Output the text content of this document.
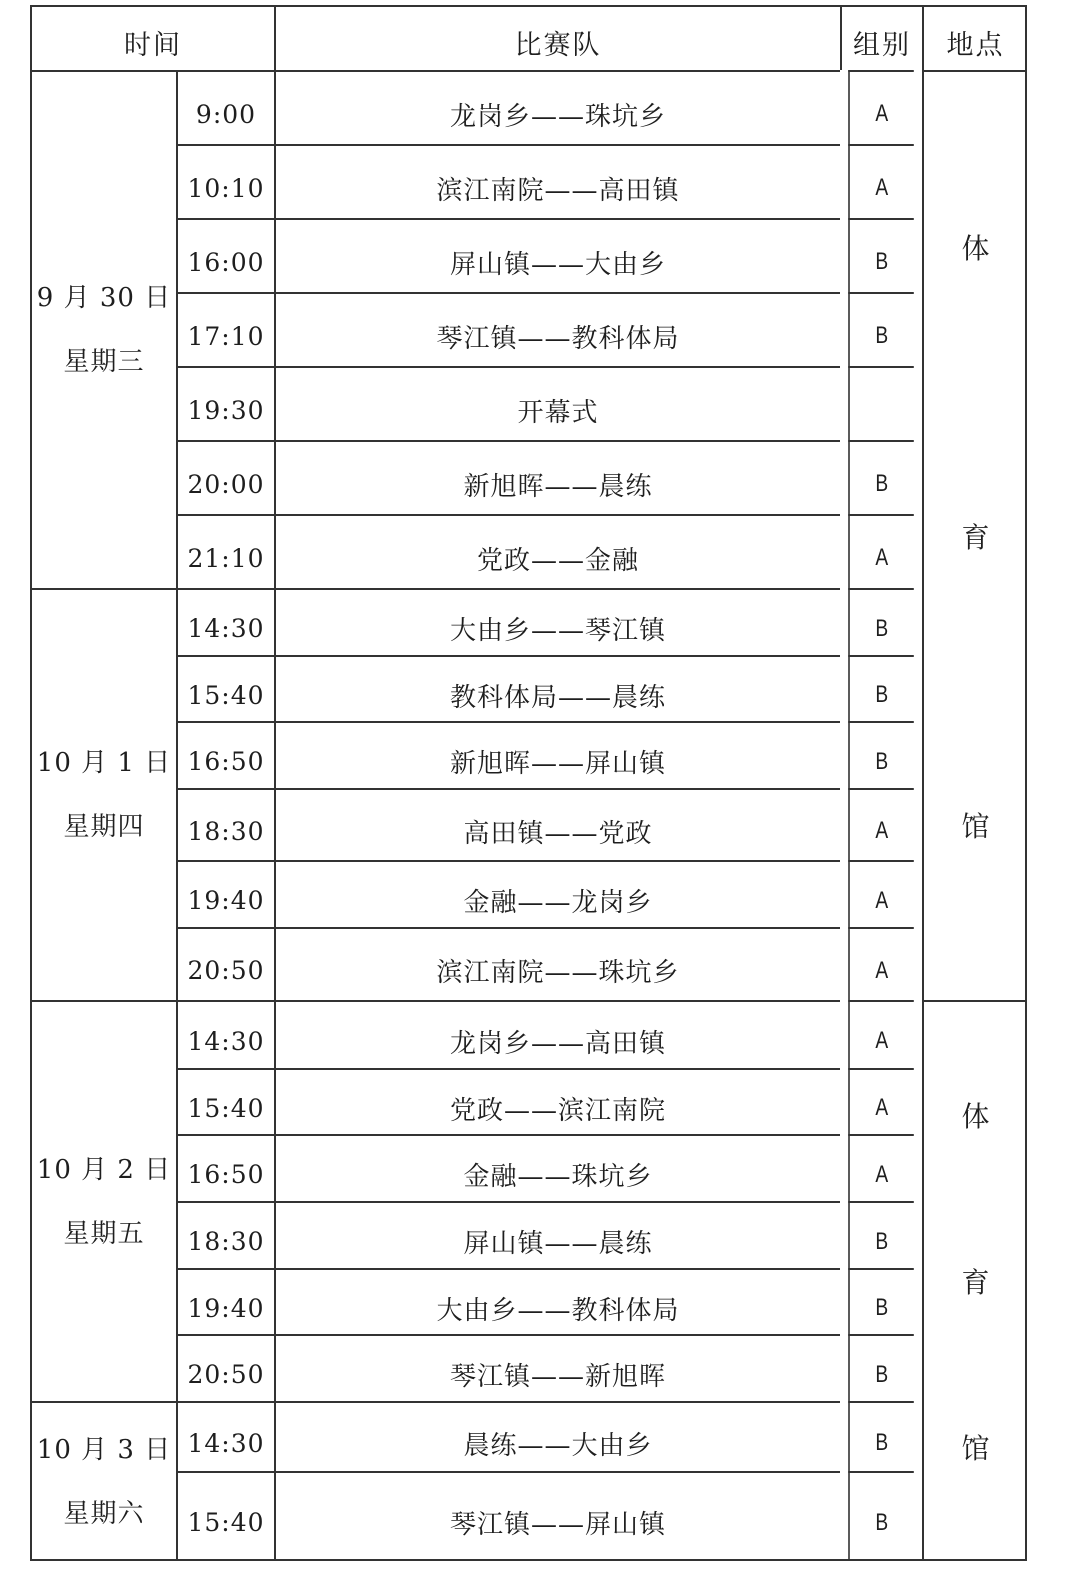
时间	比赛队	组别	地点
9 月 30 日
星期三
9:00	龙岗乡——珠坑乡	A
10:10	滨江南院——高田镇	A
16:00	屏山镇——大由乡	B
17:10	琴江镇——教科体局	B
19:30	开幕式
20:00	新旭晖——晨练	B
21:10	党政——金融	A
10 月 1 日
星期四
14:30	大由乡——琴江镇	B
15:40	教科体局——晨练	B
16:50	新旭晖——屏山镇	B
18:30	高田镇——党政	A
19:40	金融——龙岗乡	A
20:50	滨江南院——珠坑乡	A
10 月 2 日
星期五
14:30	龙岗乡——高田镇	A
15:40	党政——滨江南院	A
16:50	金融——珠坑乡	A
18:30	屏山镇——晨练	B
19:40	大由乡——教科体局	B
20:50	琴江镇——新旭晖	B
10 月 3 日
星期六
14:30	晨练——大由乡	B
15:40	琴江镇——屏山镇	B
体
育
馆
体
育
馆
